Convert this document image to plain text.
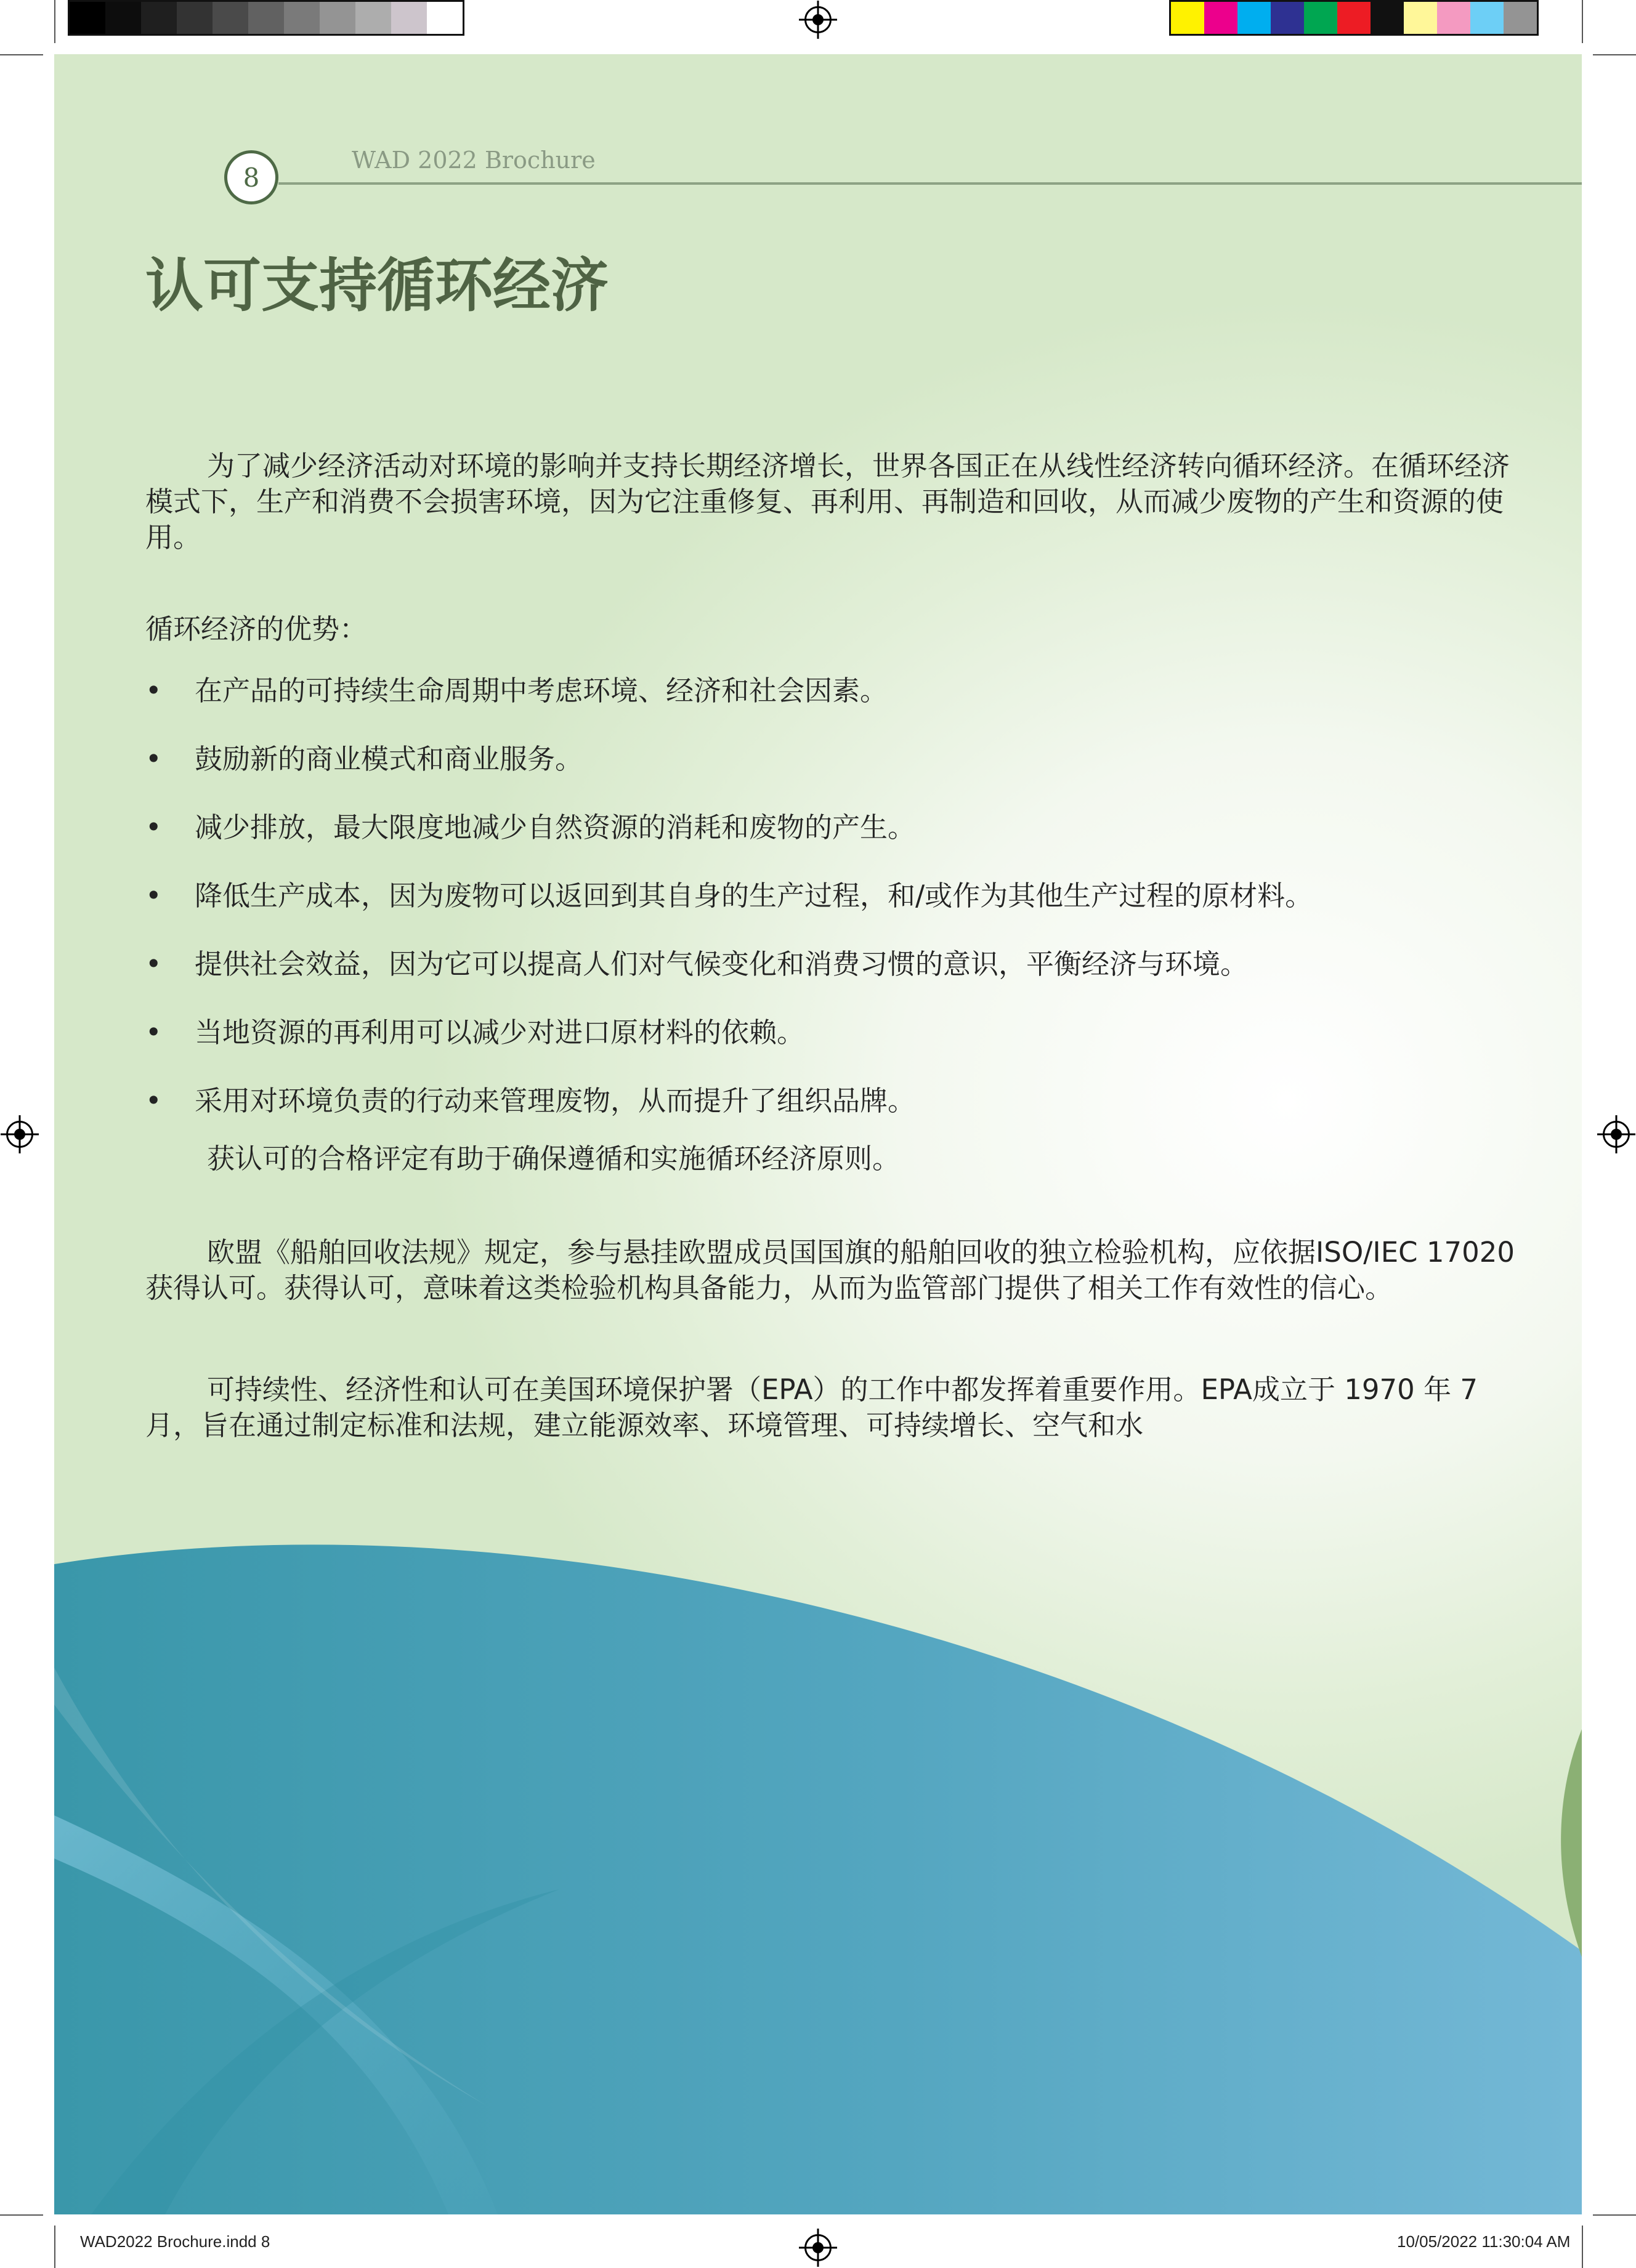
8
WAD 2022 Brochure
认可支持循环经济

为了减少经济活动对环境的影响并支持长期经济增长，世界各国正在从线性经济转向循环经济。在循环经济模式下，生产和消费不会损害环境，因为它注重修复、再利用、再制造和回收，从而减少废物的产生和资源的使用。

循环经济的优势：

• 在产品的可持续生命周期中考虑环境、经济和社会因素。
• 鼓励新的商业模式和商业服务。
• 减少排放，最大限度地减少自然资源的消耗和废物的产生。
• 降低生产成本，因为废物可以返回到其自身的生产过程，和/或作为其他生产过程的原材料。
• 提供社会效益，因为它可以提高人们对气候变化和消费习惯的意识，平衡经济与环境。
• 当地资源的再利用可以减少对进口原材料的依赖。
• 采用对环境负责的行动来管理废物，从而提升了组织品牌。

获认可的合格评定有助于确保遵循和实施循环经济原则。

欧盟《船舶回收法规》规定，参与悬挂欧盟成员国国旗的船舶回收的独立检验机构，应依据ISO/IEC 17020获得认可。获得认可，意味着这类检验机构具备能力，从而为监管部门提供了相关工作有效性的信心。

可持续性、经济性和认可在美国环境保护署（EPA）的工作中都发挥着重要作用。EPA成立于 1970 年 7 月，旨在通过制定标准和法规，建立能源效率、环境管理、可持续增长、空气和水

WAD2022 Brochure.indd 8	10/05/2022 11:30:04 AM
